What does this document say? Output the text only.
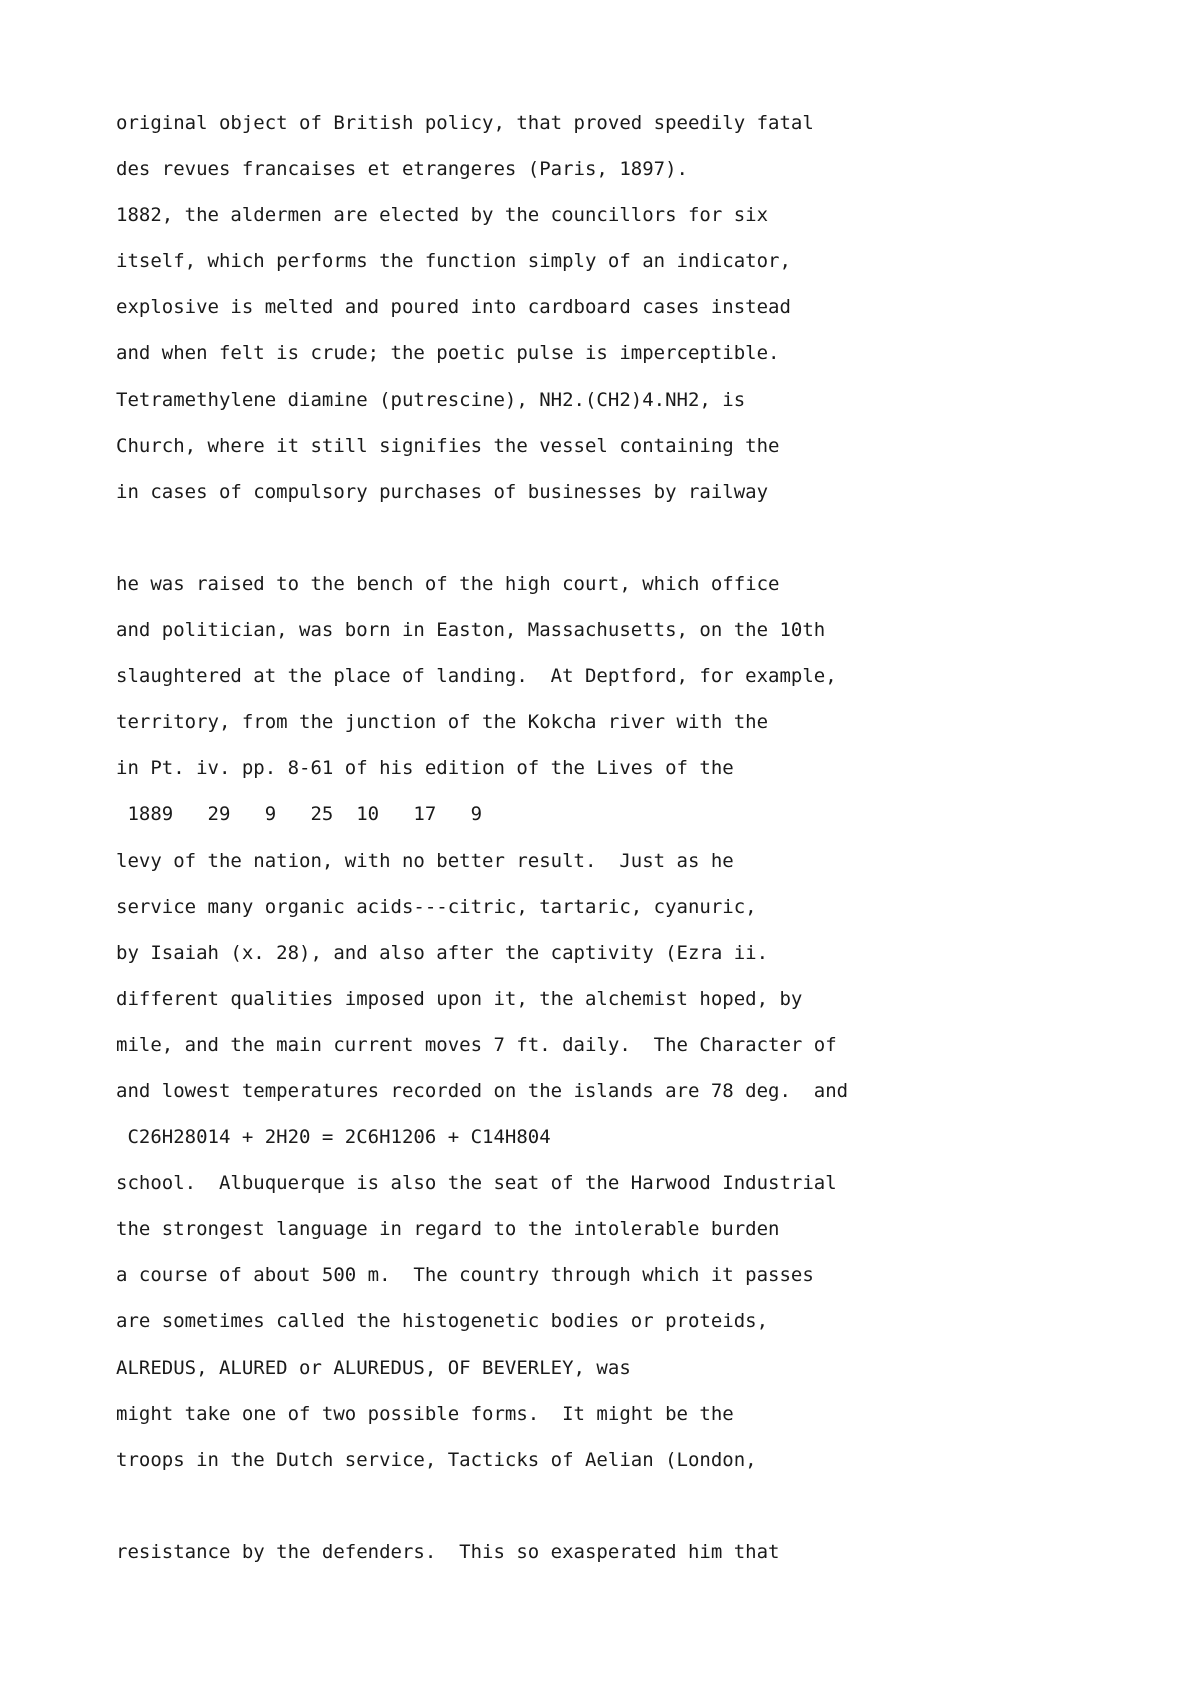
original object of British policy, that proved speedily fatal
des revues francaises et etrangeres (Paris, 1897).
1882, the aldermen are elected by the councillors for six
itself, which performs the function simply of an indicator,
explosive is melted and poured into cardboard cases instead
and when felt is crude; the poetic pulse is imperceptible.
Tetramethylene diamine (putrescine), NH2.(CH2)4.NH2, is
Church, where it still signifies the vessel containing the
in cases of compulsory purchases of businesses by railway
he was raised to the bench of the high court, which office
and politician, was born in Easton, Massachusetts, on the 10th
slaughtered at the place of landing.  At Deptford, for example,
territory, from the junction of the Kokcha river with the
in Pt. iv. pp. 8-61 of his edition of the Lives of the
1889   29   9   25  10   17   9
levy of the nation, with no better result.  Just as he
service many organic acids---citric, tartaric, cyanuric,
by Isaiah (x. 28), and also after the captivity (Ezra ii.
different qualities imposed upon it, the alchemist hoped, by
mile, and the main current moves 7 ft. daily.  The Character of
and lowest temperatures recorded on the islands are 78 deg.  and
C26H28014 + 2H20 = 2C6H1206 + C14H804
school.  Albuquerque is also the seat of the Harwood Industrial
the strongest language in regard to the intolerable burden
a course of about 500 m.  The country through which it passes
are sometimes called the histogenetic bodies or proteids,
ALREDUS, ALURED or ALUREDUS, OF BEVERLEY, was
might take one of two possible forms.  It might be the
troops in the Dutch service, Tacticks of Aelian (London,
resistance by the defenders.  This so exasperated him that
